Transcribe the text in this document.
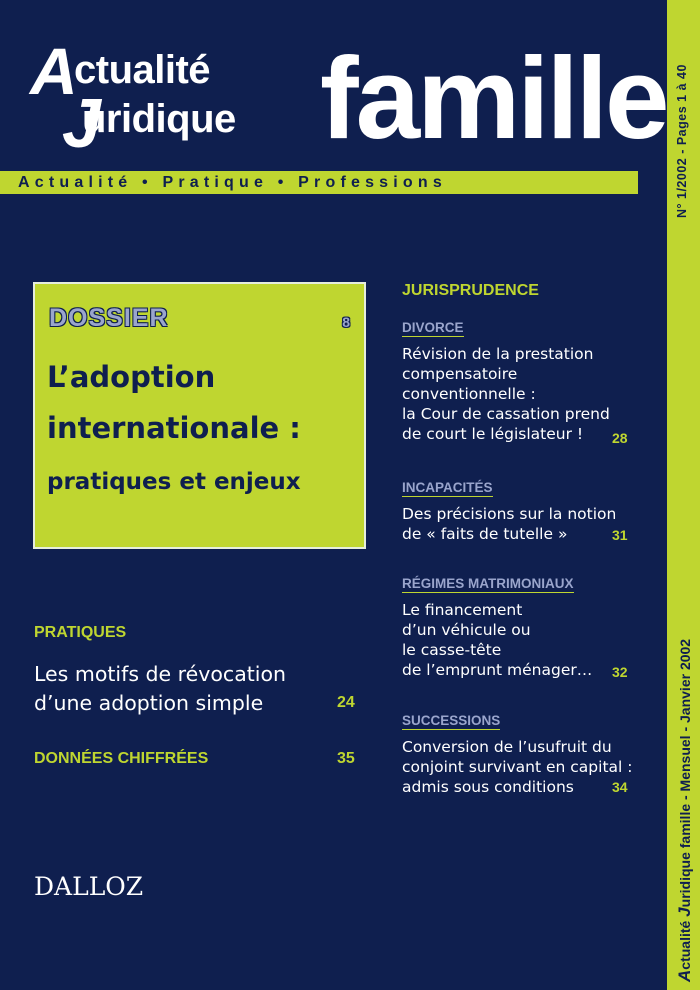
A
ctualité
J
uridique famille
Actualité • Pratique • Professions
DOSSIER	8
L’adoption
internationale :
pratiques et enjeux
PRATIQUES
Les motifs de révocation
d’une adoption simple	24
DONNÉES CHIFFRÉES	35
DALLOZ
JURISPRUDENCE
DIVORCE
Révision de la prestation
compensatoire
conventionnelle :
la Cour de cassation prend
de court le législateur !	28
INCAPACITÉS
Des précisions sur la notion
de « faits de tutelle »	31
RÉGIMES MATRIMONIAUX
Le financement
d’un véhicule ou
le casse-tête
de l’emprunt ménager… 32
SUCCESSIONS
Conversion de l’usufruit du
conjoint survivant en capital :
admis sous conditions	34
N° 1/2002 - Pages 1 à 40
Actualité Juridique famille - Mensuel - Janvier 2002
